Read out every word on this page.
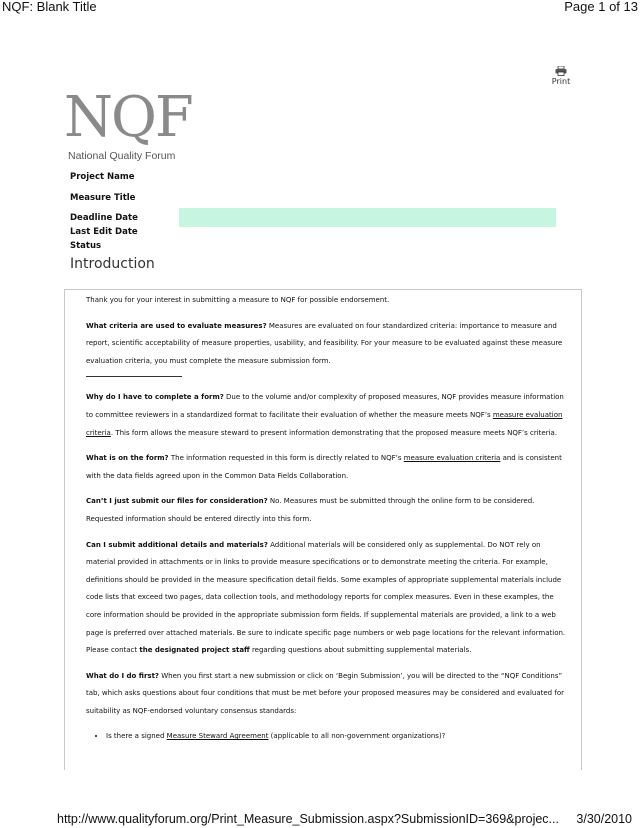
NQF: Blank Title	Page 1 of 13
Print
NQF
National Quality Forum
Project Name
Measure Title
Deadline Date
Last Edit Date
Status
Introduction

Thank you for your interest in submitting a measure to NQF for possible endorsement.

What criteria are used to evaluate measures? Measures are evaluated on four standardized criteria: importance to measure and report, scientific acceptability of measure properties, usability, and feasibility. For your measure to be evaluated against these measure evaluation criteria, you must complete the measure submission form.

Why do I have to complete a form? Due to the volume and/or complexity of proposed measures, NQF provides measure information to committee reviewers in a standardized format to facilitate their evaluation of whether the measure meets NQF’s measure evaluation criteria. This form allows the measure steward to present information demonstrating that the proposed measure meets NQF’s criteria.

What is on the form? The information requested in this form is directly related to NQF’s measure evaluation criteria and is consistent with the data fields agreed upon in the Common Data Fields Collaboration.

Can’t I just submit our files for consideration? No. Measures must be submitted through the online form to be considered. Requested information should be entered directly into this form.

Can I submit additional details and materials? Additional materials will be considered only as supplemental. Do NOT rely on material provided in attachments or in links to provide measure specifications or to demonstrate meeting the criteria. For example, definitions should be provided in the measure specification detail fields. Some examples of appropriate supplemental materials include code lists that exceed two pages, data collection tools, and methodology reports for complex measures. Even in these examples, the core information should be provided in the appropriate submission form fields. If supplemental materials are provided, a link to a web page is preferred over attached materials. Be sure to indicate specific page numbers or web page locations for the relevant information. Please contact the designated project staff regarding questions about submitting supplemental materials.

What do I do first? When you first start a new submission or click on ‘Begin Submission’, you will be directed to the “NQF Conditions” tab, which asks questions about four conditions that must be met before your proposed measures may be considered and evaluated for suitability as NQF-endorsed voluntary consensus standards:

• Is there a signed Measure Steward Agreement (applicable to all non-government organizations)?
http://www.qualityforum.org/Print_Measure_Submission.aspx?SubmissionID=369&projec... 3/30/2010
